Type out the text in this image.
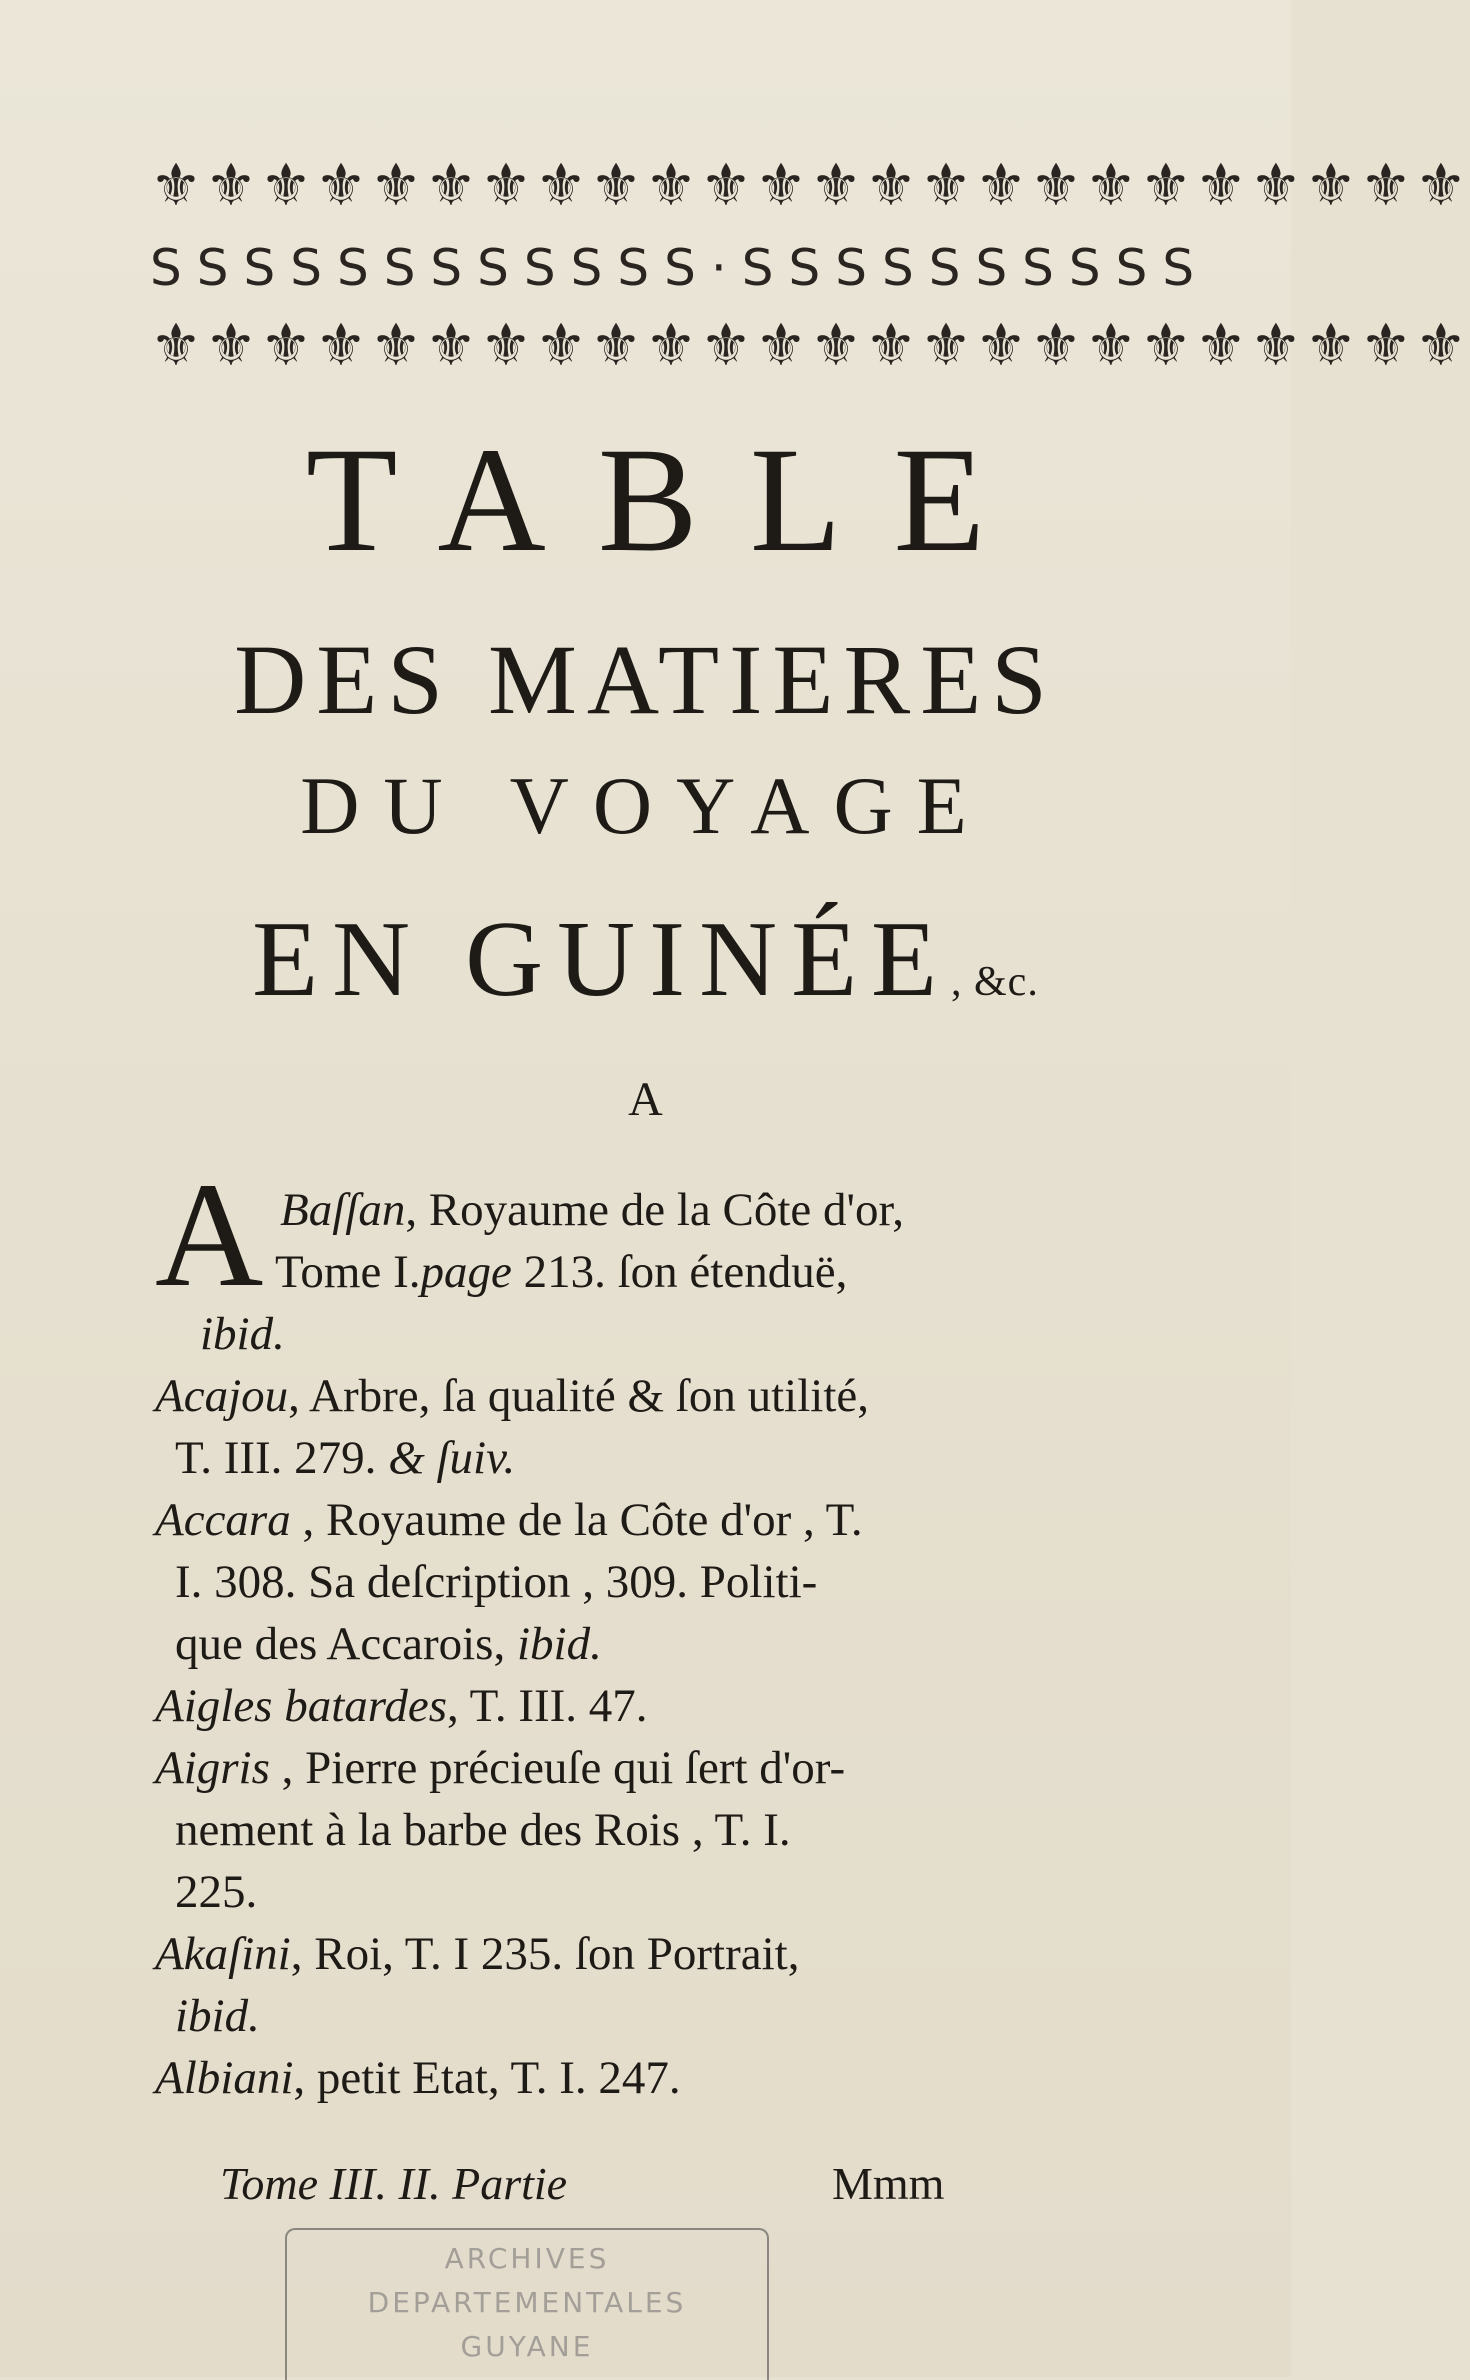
⚜⚜⚜⚜⚜⚜⚜⚜⚜⚜⚜⚜⚜⚜⚜⚜⚜⚜⚜⚜⚜⚜⚜⚜
SSSSSSSSSSSS·SSSSSSSSSS
⚜⚜⚜⚜⚜⚜⚜⚜⚜⚜⚜⚜⚜⚜⚜⚜⚜⚜⚜⚜⚜⚜⚜⚜
TABLE
DES MATIERES
DU VOYAGE
EN GUINÉE, &c.
A
A Baſſan, Royaume de la Côte d'or,
Tome I.page 213. ſon étenduë,
ibid.
Acajou, Arbre, ſa qualité & ſon utilité,
T. III. 279. & ſuiv.
Accara , Royaume de la Côte d'or , T.
I. 308. Sa deſcription , 309. Politi-
que des Accarois, ibid.
Aigles batardes, T. III. 47.
Aigris , Pierre précieuſe qui ſert d'or-
nement à la barbe des Rois , T. I.
225.
Akaſini, Roi, T. I 235. ſon Portrait,
ibid.
Albiani, petit Etat, T. I. 247.
Tome III. II. Partie	Mmm
ARCHIVES
DEPARTEMENTALES
GUYANE
